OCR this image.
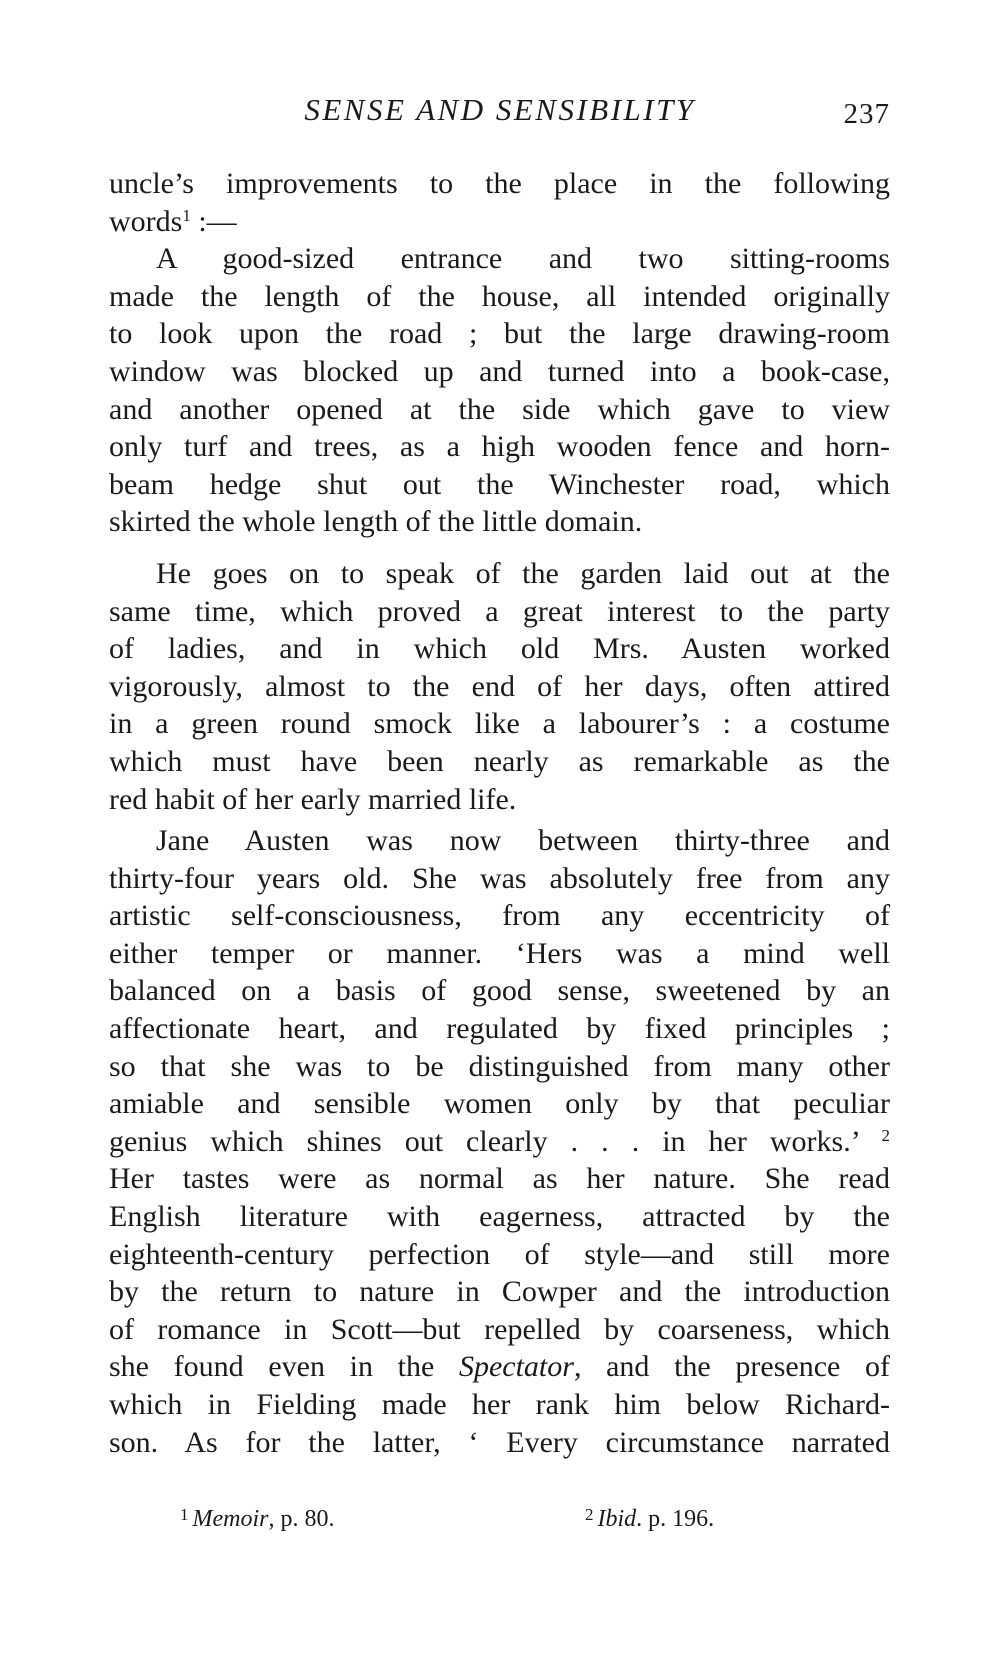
SENSE AND SENSIBILITY	237
uncle’s improvements to the place in the following
words$^1$ :—
A good-sized entrance and two sitting-rooms
made the length of the house, all intended originally
to look upon the road ; but the large drawing-room
window was blocked up and turned into a book-case,
and another opened at the side which gave to view
only turf and trees, as a high wooden fence and horn-
beam hedge shut out the Winchester road, which
skirted the whole length of the little domain.
He goes on to speak of the garden laid out at the
same time, which proved a great interest to the party
of ladies, and in which old Mrs. Austen worked
vigorously, almost to the end of her days, often attired
in a green round smock like a labourer’s : a costume
which must have been nearly as remarkable as the
red habit of her early married life.
Jane Austen was now between thirty-three and
thirty-four years old. She was absolutely free from any
artistic self-consciousness, from any eccentricity of
either temper or manner. ‘Hers was a mind well
balanced on a basis of good sense, sweetened by an
affectionate heart, and regulated by fixed principles ;
so that she was to be distinguished from many other
amiable and sensible women only by that peculiar
genius which shines out clearly . . . in her works.’ $^2$
Her tastes were as normal as her nature. She read
English literature with eagerness, attracted by the
eighteenth-century perfection of style—and still more
by the return to nature in Cowper and the introduction
of romance in Scott—but repelled by coarseness, which
she found even in the Spectator, and the presence of
which in Fielding made her rank him below Richard-
son. As for the latter, ‘ Every circumstance narrated
$^1$ Memoir, p. 80.	$^2$ Ibid. p. 196.
